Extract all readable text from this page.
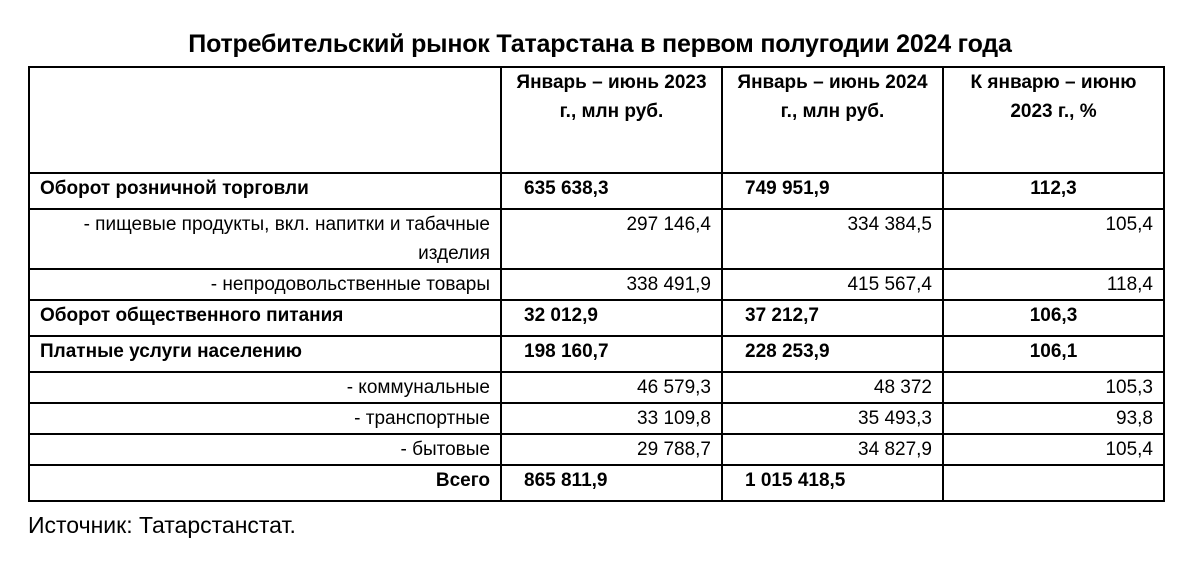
Потребительский рынок Татарстана в первом полугодии 2024 года
	Январь – июнь 2023 г., млн руб.	Январь – июнь 2024 г., млн руб.	К январю – июню 2023 г., %
Оборот розничной торговли	635 638,3	749 951,9	112,3
- пищевые продукты, вкл. напитки и табачные изделия	297 146,4	334 384,5	105,4
- непродовольственные товары	338 491,9	415 567,4	118,4
Оборот общественного питания	32 012,9	37 212,7	106,3
Платные услуги населению	198 160,7	228 253,9	106,1
- коммунальные	46 579,3	48 372	105,3
- транспортные	33 109,8	35 493,3	93,8
- бытовые	29 788,7	34 827,9	105,4
Всего	865 811,9	1 015 418,5	
Источник: Татарстанстат.
